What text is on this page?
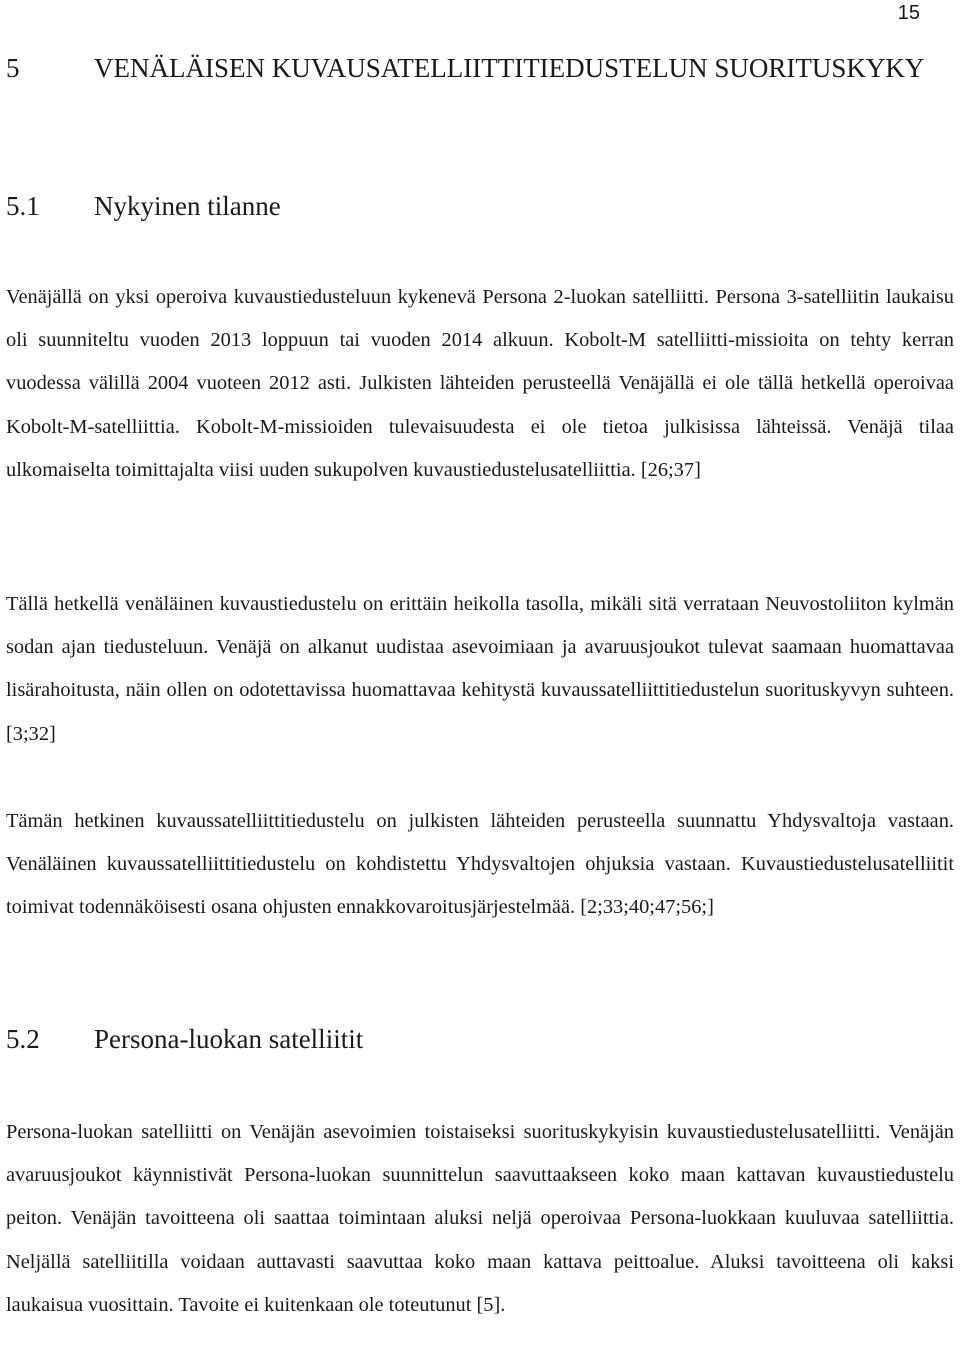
15
5	VENÄLÄISEN KUVAUSATELLIITTITIEDUSTELUN SUORITUSKYKY
5.1 Nykyinen tilanne

Venäjällä on yksi operoiva kuvaustiedusteluun kykenevä Persona 2-luokan satelliitti. Persona 3-satelliitin laukaisu oli suunniteltu vuoden 2013 loppuun tai vuoden 2014 alkuun. Kobolt-M satelliitti-missioita on tehty kerran vuodessa välillä 2004 vuoteen 2012 asti. Julkisten lähteiden perusteellä Venäjällä ei ole tällä hetkellä operoivaa Kobolt-M-satelliittia. Kobolt-M-missioiden tulevaisuudesta ei ole tietoa julkisissa lähteissä. Venäjä tilaa ulkomaiselta toimittajalta viisi uuden sukupolven kuvaustiedustelusatelliittia. [26;37]

Tällä hetkellä venäläinen kuvaustiedustelu on erittäin heikolla tasolla, mikäli sitä verrataan Neuvostoliiton kylmän sodan ajan tiedusteluun. Venäjä on alkanut uudistaa asevoimiaan ja avaruusjoukot tulevat saamaan huomattavaa lisärahoitusta, näin ollen on odotettavissa huomattavaa kehitystä kuvaussatelliittitiedustelun suorituskyvyn suhteen. [3;32]

Tämän hetkinen kuvaussatelliittitiedustelu on julkisten lähteiden perusteella suunnattu Yhdysvaltoja vastaan. Venäläinen kuvaussatelliittitiedustelu on kohdistettu Yhdysvaltojen ohjuksia vastaan. Kuvaustiedustelusatelliitit toimivat todennäköisesti osana ohjusten ennakkovaroitusjärjestelmää. [2;33;40;47;56;]

5.2 Persona-luokan satelliitit

Persona-luokan satelliitti on Venäjän asevoimien toistaiseksi suorituskykyisin kuvaustiedustelusatelliitti. Venäjän avaruusjoukot käynnistivät Persona-luokan suunnittelun saavuttaakseen koko maan kattavan kuvaustiedustelu peiton. Venäjän tavoitteena oli saattaa toimintaan aluksi neljä operoivaa Persona-luokkaan kuuluvaa satelliittia. Neljällä satelliitilla voidaan auttavasti saavuttaa koko maan kattava peittoalue. Aluksi tavoitteena oli kaksi laukaisua vuosittain. Tavoite ei kuitenkaan ole toteutunut [5].
